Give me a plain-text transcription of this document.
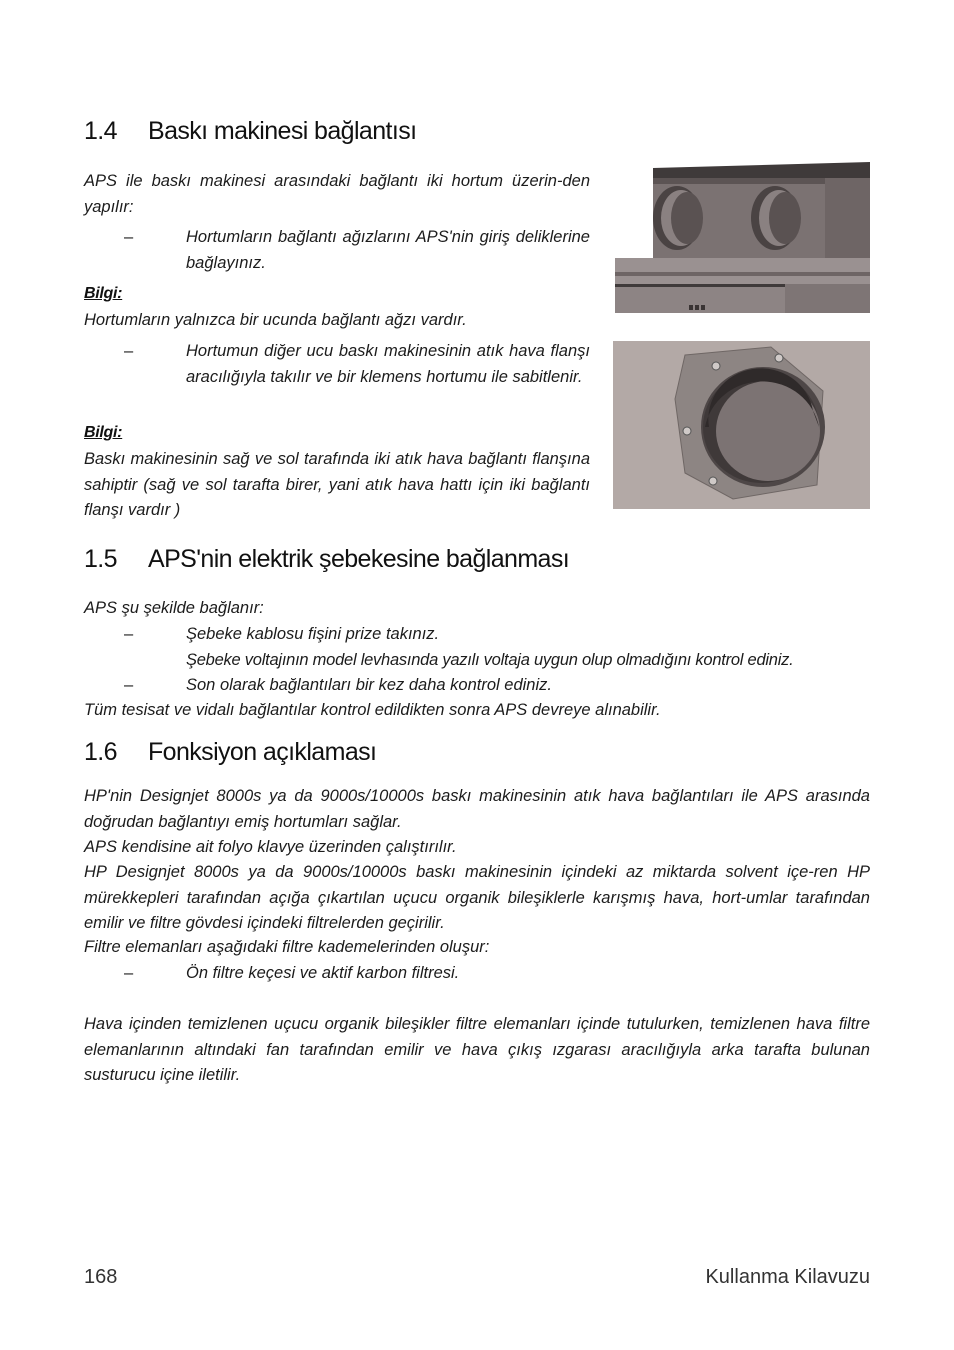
1.4 Baskı makinesi bağlantısı

APS ile baskı makinesi arasındaki bağlantı iki hortum üzerin-den yapılır:

–	Hortumların bağlantı ağızlarını APS'nin giriş deliklerine bağlayınız.
Bilgi:

Hortumların yalnızca bir ucunda bağlantı ağzı vardır.

–	Hortumun diğer ucu baskı makinesinin atık hava flanşı aracılığıyla takılır ve bir klemens hortumu ile sabitlenir.
Bilgi:

Baskı makinesinin sağ ve sol tarafında iki atık hava bağlantı flanşına sahiptir (sağ ve sol tarafta birer, yani atık hava hattı için iki bağlantı flanşı vardır )

1.5 APS'nin elektrik şebekesine bağlanması

APS şu şekilde bağlanır:

–	Şebeke kablosu fişini prize takınız.
Şebeke voltajının model levhasında yazılı voltaja uygun olup olmadığını kontrol ediniz.
–	Son olarak bağlantıları bir kez daha kontrol ediniz.

Tüm tesisat ve vidalı bağlantılar kontrol edildikten sonra APS devreye alınabilir.

1.6 Fonksiyon açıklaması

HP'nin Designjet 8000s ya da 9000s/10000s baskı makinesinin atık hava bağlantıları ile APS arasında doğrudan bağlantıyı emiş hortumları sağlar.

APS kendisine ait folyo klavye üzerinden çalıştırılır.

HP Designjet 8000s ya da 9000s/10000s baskı makinesinin içindeki az miktarda solvent içe-ren HP mürekkepleri tarafından açığa çıkartılan uçucu organik bileşiklerle karışmış hava, hort-umlar tarafından emilir ve filtre gövdesi içindeki filtrelerden geçirilir.

Filtre elemanları aşağıdaki filtre kademelerinden oluşur:

–	Ön filtre keçesi ve aktif karbon filtresi.

Hava içinden temizlenen uçucu organik bileşikler filtre elemanları içinde tutulurken, temizlenen hava filtre elemanlarının altındaki fan tarafından emilir ve hava çıkış ızgarası aracılığıyla arka tarafta bulunan susturucu içine iletilir.

168	Kullanma Kilavuzu
